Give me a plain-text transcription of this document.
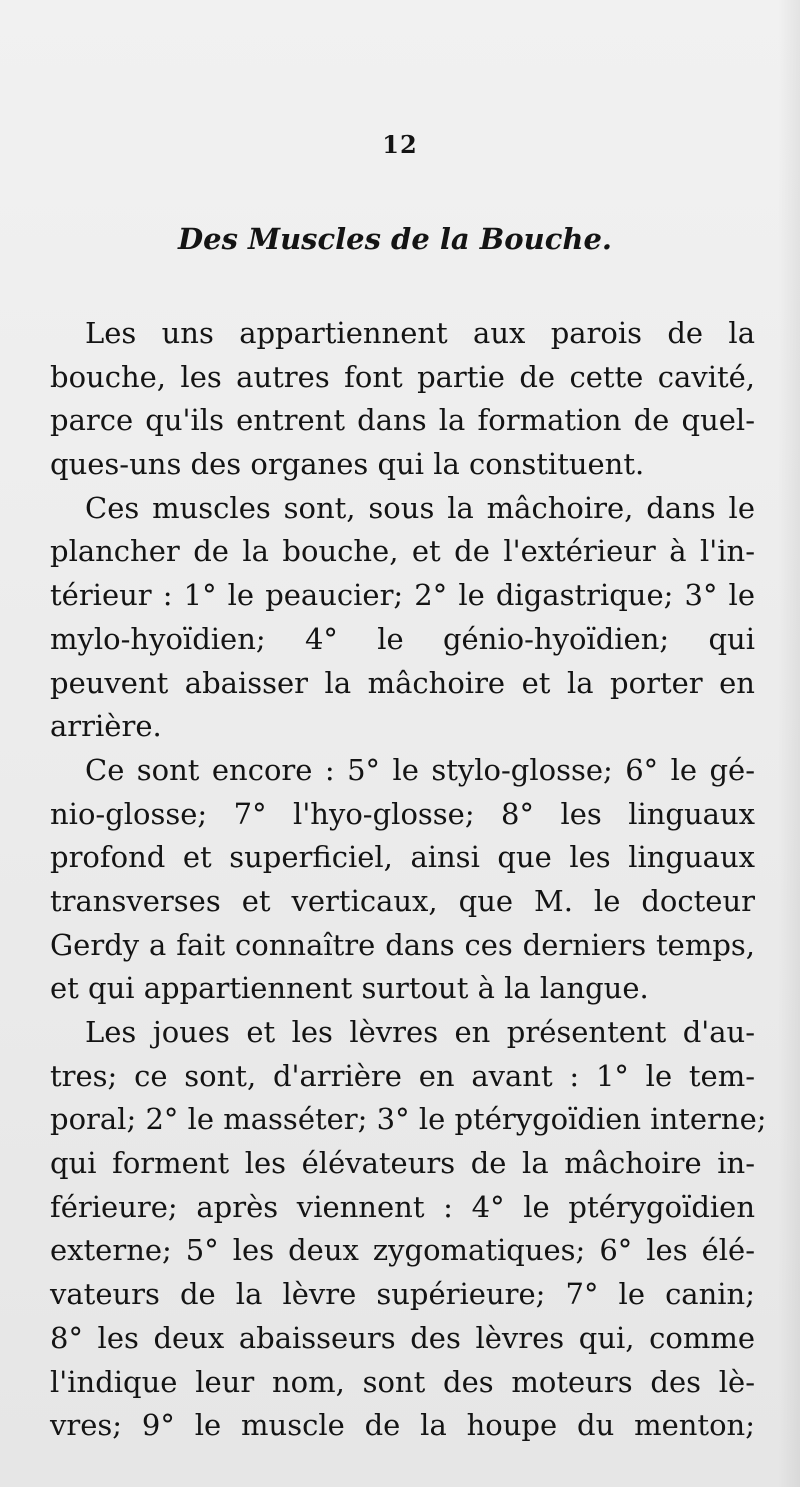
12
Des Muscles de la Bouche.
Les uns appartiennent aux parois de la
bouche, les autres font partie de cette cavité,
parce qu'ils entrent dans la formation de quel-
ques-uns des organes qui la constituent.
Ces muscles sont, sous la mâchoire, dans le
plancher de la bouche, et de l'extérieur à l'in-
térieur : 1° le peaucier; 2° le digastrique; 3° le
mylo-hyoïdien; 4° le génio-hyoïdien; qui
peuvent abaisser la mâchoire et la porter en
arrière.
Ce sont encore : 5° le stylo-glosse; 6° le gé-
nio-glosse; 7° l'hyo-glosse; 8° les linguaux
profond et superficiel, ainsi que les linguaux
transverses et verticaux, que M. le docteur
Gerdy a fait connaître dans ces derniers temps,
et qui appartiennent surtout à la langue.
Les joues et les lèvres en présentent d'au-
tres; ce sont, d'arrière en avant : 1° le tem-
poral; 2° le masséter; 3° le ptérygoïdien interne;
qui forment les élévateurs de la mâchoire in-
férieure; après viennent : 4° le ptérygoïdien
externe; 5° les deux zygomatiques; 6° les élé-
vateurs de la lèvre supérieure; 7° le canin;
8° les deux abaisseurs des lèvres qui, comme
l'indique leur nom, sont des moteurs des lè-
vres; 9° le muscle de la houpe du menton;
